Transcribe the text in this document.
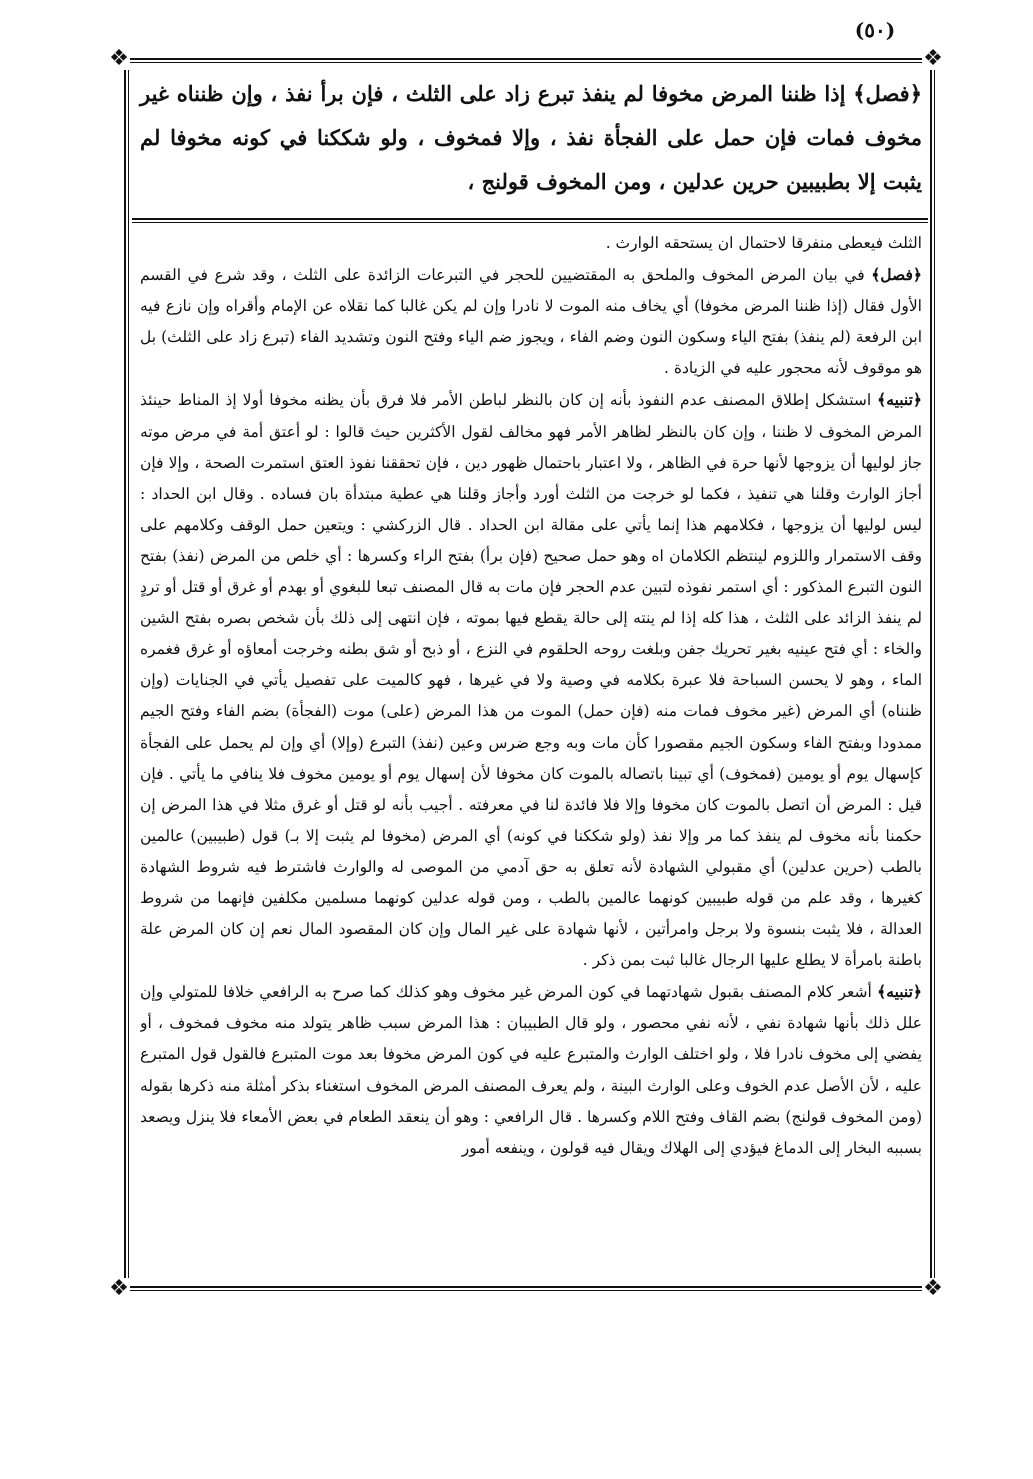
(٥٠)
❖	❖
❖	❖
﴿فصل﴾ إذا ظننا المرض مخوفا لم ينفذ تبرع زاد على الثلث ، فإن برأ نفذ ، وإن ظنناه غير مخوف فمات فإن حمل على الفجأة نفذ ، وإلا فمخوف ، ولو شككنا في كونه مخوفا لم يثبت إلا بطبيبين حرين عدلين ، ومن المخوف قولنج ،

الثلث فيعطى منفرقا لاحتمال ان يستحقه الوارث .

﴿فصل﴾ في بيان المرض المخوف والملحق به المقتضيين للحجر في التبرعات الزائدة على الثلث ، وقد شرع في القسم الأول فقال (إذا ظننا المرض مخوفا) أي يخاف منه الموت لا نادرا وإن لم يكن غالبا كما نقلاه عن الإمام وأقراه وإن نازع فيه ابن الرفعة (لم ينفذ) بفتح الياء وسكون النون وضم الفاء ، ويجوز ضم الياء وفتح النون وتشديد الفاء (تبرع زاد على الثلث) بل هو موقوف لأنه محجور عليه في الزيادة .

﴿تنبيه﴾ استشكل إطلاق المصنف عدم النفوذ بأنه إن كان بالنظر لباطن الأمر فلا فرق بأن يظنه مخوفا أولا إذ المناط حينئذ المرض المخوف لا ظننا ، وإن كان بالنظر لظاهر الأمر فهو مخالف لقول الأكثرين حيث قالوا : لو أعتق أمة في مرض موته جاز لوليها أن يزوجها لأنها حرة في الظاهر ، ولا اعتبار باحتمال ظهور دين ، فإن تحققنا نفوذ العتق استمرت الصحة ، وإلا فإن أجاز الوارث وقلنا هي تنفيذ ، فكما لو خرجت من الثلث أورد وأجاز وقلنا هي عطية مبتدأة بان فساده . وقال ابن الحداد : ليس لوليها أن يزوجها ، فكلامهم هذا إنما يأتي على مقالة ابن الحداد . قال الزركشي : ويتعين حمل الوقف وكلامهم على وقف الاستمرار واللزوم لينتظم الكلامان اه وهو حمل صحيح (فإن برأ) بفتح الراء وكسرها : أي خلص من المرض (نفذ) بفتح النون التبرع المذكور : أي استمر نفوذه لتبين عدم الحجر فإن مات به قال المصنف تبعا للبغوي أو بهدم أو غرق أو قتل أو تردٍ لم ينفذ الزائد على الثلث ، هذا كله إذا لم ينته إلى حالة يقطع فيها بموته ، فإن انتهى إلى ذلك بأن شخص بصره بفتح الشين والخاء : أي فتح عينيه بغير تحريك جفن وبلغت روحه الحلقوم في النزع ، أو ذبح أو شق بطنه وخرجت أمعاؤه أو غرق فغمره الماء ، وهو لا يحسن السباحة فلا عبرة بكلامه في وصية ولا في غيرها ، فهو كالميت على تفصيل يأتي في الجنايات (وإن ظنناه) أي المرض (غير مخوف فمات منه (فإن حمل) الموت من هذا المرض (على) موت (الفجأة) بضم الفاء وفتح الجيم ممدودا وبفتح الفاء وسكون الجيم مقصورا كأن مات وبه وجع ضرس وعين (نفذ) التبرع (وإلا) أي وإن لم يحمل على الفجأة كإسهال يوم أو يومين (فمخوف) أي تبينا باتصاله بالموت كان مخوفا لأن إسهال يوم أو يومين مخوف فلا ينافي ما يأتي . فإن قيل : المرض أن اتصل بالموت كان مخوفا وإلا فلا فائدة لنا في معرفته . أجيب بأنه لو قتل أو غرق مثلا في هذا المرض إن حكمنا بأنه مخوف لم ينفذ كما مر وإلا نفذ (ولو شككنا في كونه) أي المرض (مخوفا لم يثبت إلا بـ) قول (طبيبين) عالمين بالطب (حرين عدلين) أي مقبولي الشهادة لأنه تعلق به حق آدمي من الموصى له والوارث فاشترط فيه شروط الشهادة كغيرها ، وقد علم من قوله طبيبين كونهما عالمين بالطب ، ومن قوله عدلين كونهما مسلمين مكلفين فإنهما من شروط العدالة ، فلا يثبت بنسوة ولا برجل وامرأتين ، لأنها شهادة على غير المال وإن كان المقصود المال نعم إن كان المرض علة باطنة بامرأة لا يطلع عليها الرجال غالبا ثبت بمن ذكر .

﴿تنبيه﴾ أشعر كلام المصنف بقبول شهادتهما في كون المرض غير مخوف وهو كذلك كما صرح به الرافعي خلافا للمتولي وإن علل ذلك بأنها شهادة نفي ، لأنه نفي محصور ، ولو قال الطبيبان : هذا المرض سبب ظاهر يتولد منه مخوف فمخوف ، أو يفضي إلى مخوف نادرا فلا ، ولو اختلف الوارث والمتبرع عليه في كون المرض مخوفا بعد موت المتبرع فالقول قول المتبرع عليه ، لأن الأصل عدم الخوف وعلى الوارث البينة ، ولم يعرف المصنف المرض المخوف استغناء بذكر أمثلة منه ذكرها بقوله (ومن المخوف قولنج) بضم القاف وفتح اللام وكسرها . قال الرافعي : وهو أن ينعقد الطعام في بعض الأمعاء فلا ينزل ويصعد بسببه البخار إلى الدماغ فيؤدي إلى الهلاك ويقال فيه قولون ، وينفعه أمور
